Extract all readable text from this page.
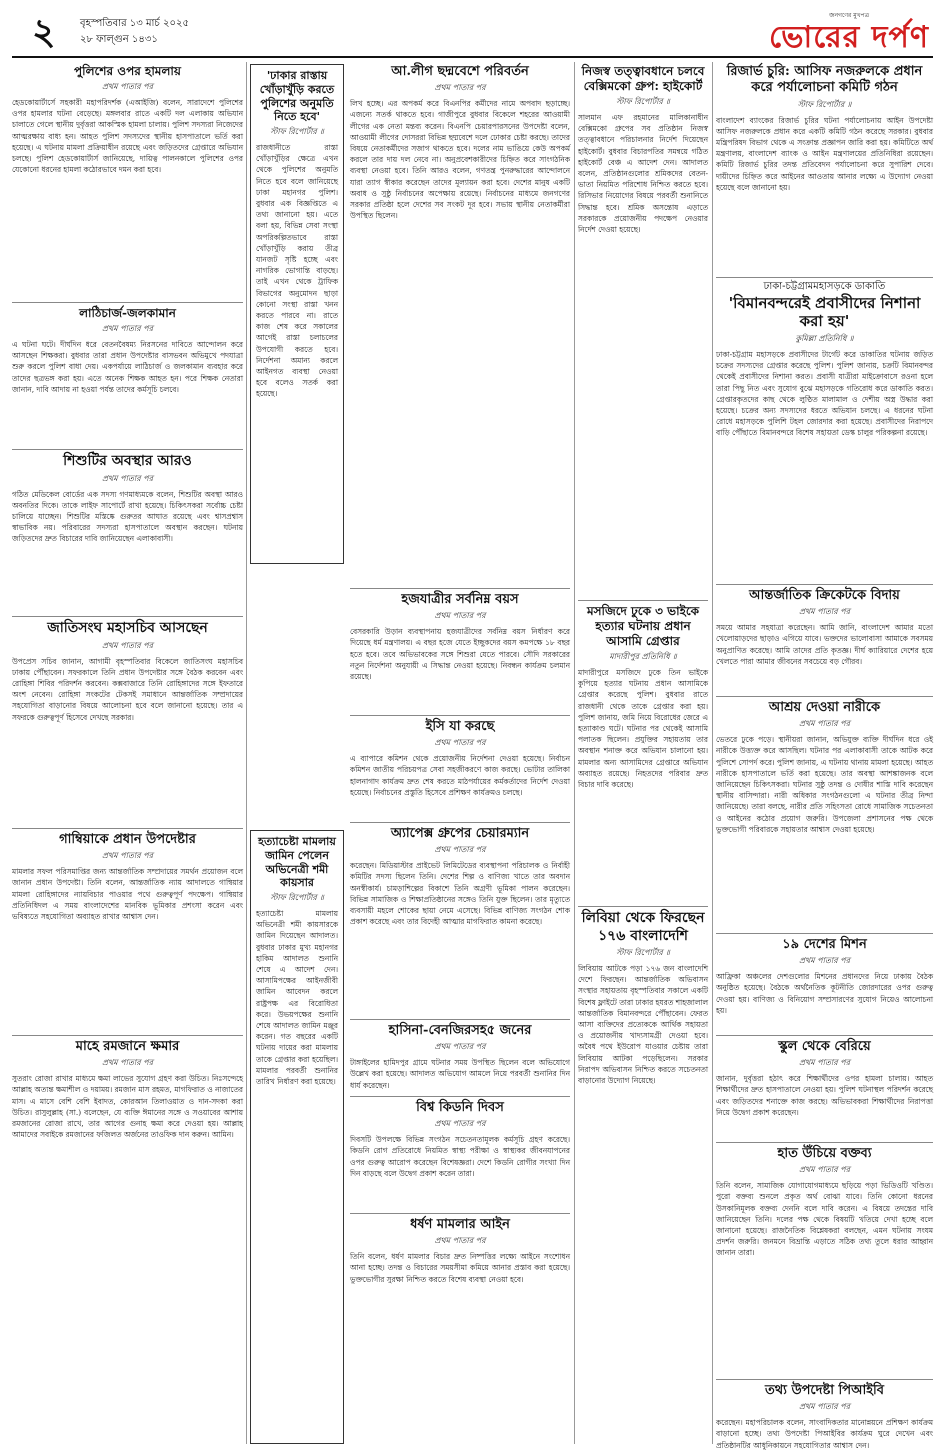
২ বৃহস্পতিবার ১৩ মার্চ ২০২৫
২৮ ফাল্গুন ১৪৩১
জনগণের মুখপত্র
ভোরের দর্পণ
পুলিশের ওপর হামলায়
প্রথম পাতার পর
হেডকোয়ার্টার্সে সহকারী মহাপরিদর্শক (এআইজি) বলেন, সারাদেশে পুলিশের ওপর হামলার ঘটনা বেড়েছে। মঙ্গলবার রাতে একটি দল এলাকায় অভিযান চালাতে গেলে স্থানীয় দুর্বৃত্তরা আকস্মিক হামলা চালায়। পুলিশ সদস্যরা নিজেদের আত্মরক্ষায় বাধ্য হন। আহত পুলিশ সদস্যদের স্থানীয় হাসপাতালে ভর্তি করা হয়েছে। এ ঘটনায় মামলা প্রক্রিয়াধীন রয়েছে এবং জড়িতদের গ্রেপ্তারে অভিযান চলছে। পুলিশ হেডকোয়ার্টার্স জানিয়েছে, দায়িত্ব পালনকালে পুলিশের ওপর যেকোনো ধরনের হামলা কঠোরভাবে দমন করা হবে।
লাঠিচার্জ-জলকামান
প্রথম পাতার পর
এ ঘটনা ঘটে। দীর্ঘদিন ধরে বেতনবৈষম্য নিরসনের দাবিতে আন্দোলন করে আসছেন শিক্ষকরা। বুধবার তারা প্রধান উপদেষ্টার বাসভবন অভিমুখে পদযাত্রা শুরু করলে পুলিশ বাধা দেয়। একপর্যায়ে লাঠিচার্জ ও জলকামান ব্যবহার করে তাদের ছত্রভঙ্গ করা হয়। এতে অনেক শিক্ষক আহত হন। পরে শিক্ষক নেতারা জানান, দাবি আদায় না হওয়া পর্যন্ত তাদের কর্মসূচি চলবে।
শিশুটির অবস্থার আরও
প্রথম পাতার পর
গঠিত মেডিকেল বোর্ডের এক সদস্য গণমাধ্যমকে বলেন, শিশুটির অবস্থা আরও অবনতির দিকে। তাকে লাইফ সাপোর্টে রাখা হয়েছে। চিকিৎসকরা সর্বোচ্চ চেষ্টা চালিয়ে যাচ্ছেন। শিশুটির মস্তিষ্কে গুরুতর আঘাত রয়েছে এবং শ্বাসপ্রশ্বাস স্বাভাবিক নয়। পরিবারের সদস্যরা হাসপাতালে অবস্থান করছেন। ঘটনায় জড়িতদের দ্রুত বিচারের দাবি জানিয়েছেন এলাকাবাসী।
জাতিসংঘ মহাসচিব আসছেন
প্রথম পাতার পর
উপপ্রেস সচিব জানান, আগামী বৃহস্পতিবার বিকেলে জাতিসংঘ মহাসচিব ঢাকায় পৌঁছাবেন। সফরকালে তিনি প্রধান উপদেষ্টার সঙ্গে বৈঠক করবেন এবং রোহিঙ্গা শিবির পরিদর্শন করবেন। কক্সবাজারে তিনি রোহিঙ্গাদের সঙ্গে ইফতারে অংশ নেবেন। রোহিঙ্গা সংকটের টেকসই সমাধানে আন্তর্জাতিক সম্প্রদায়ের সহযোগিতা বাড়ানোর বিষয়ে আলোচনা হবে বলে জানানো হয়েছে। তার এ সফরকে গুরুত্বপূর্ণ হিসেবে দেখছে সরকার।
গাম্বিয়াকে প্রধান উপদেষ্টার
প্রথম পাতার পর
মামলার সফল পরিসমাপ্তির জন্য আন্তর্জাতিক সম্প্রদায়ের সমর্থন প্রয়োজন বলে জানান প্রধান উপদেষ্টা। তিনি বলেন, আন্তর্জাতিক ন্যায় আদালতে গাম্বিয়ার মামলা রোহিঙ্গাদের ন্যায়বিচার পাওয়ার পথে গুরুত্বপূর্ণ পদক্ষেপ। গাম্বিয়ার প্রতিনিধিদল এ সময় বাংলাদেশের মানবিক ভূমিকার প্রশংসা করেন এবং ভবিষ্যতে সহযোগিতা অব্যাহত রাখার আশ্বাস দেন।
মাহে রমজানে ক্ষমার
প্রথম পাতার পর
সুতরাং রোজা রাখার মাধ্যমে ক্ষমা লাভের সুযোগ গ্রহণ করা উচিত। নিঃসন্দেহে আল্লাহ অত্যন্ত ক্ষমাশীল ও দয়াময়। রমজান মাস রহমত, মাগফিরাত ও নাজাতের মাস। এ মাসে বেশি বেশি ইবাদত, কোরআন তিলাওয়াত ও দান-সদকা করা উচিত। রাসুলুল্লাহ (সা.) বলেছেন, যে ব্যক্তি ঈমানের সঙ্গে ও সওয়াবের আশায় রমজানের রোজা রাখে, তার আগের গুনাহ ক্ষমা করে দেওয়া হয়। আল্লাহ আমাদের সবাইকে রমজানের ফজিলত অর্জনের তাওফিক দান করুন। আমিন।
'ঢাকার রাস্তায় খোঁড়াখুঁড়ি করতে পুলিশের অনুমতি নিতে হবে'
স্টাফ রিপোর্টার ॥
রাজধানীতে রাস্তা খোঁড়াখুঁড়ির ক্ষেত্রে এখন থেকে পুলিশের অনুমতি নিতে হবে বলে জানিয়েছে ঢাকা মহানগর পুলিশ। বুধবার এক বিজ্ঞপ্তিতে এ তথ্য জানানো হয়। এতে বলা হয়, বিভিন্ন সেবা সংস্থা অপরিকল্পিতভাবে রাস্তা খোঁড়াখুঁড়ি করায় তীব্র যানজট সৃষ্টি হচ্ছে এবং নাগরিক ভোগান্তি বাড়ছে। তাই এখন থেকে ট্রাফিক বিভাগের অনুমোদন ছাড়া কোনো সংস্থা রাস্তা খনন করতে পারবে না। রাতে কাজ শেষ করে সকালের আগেই রাস্তা চলাচলের উপযোগী করতে হবে। নির্দেশনা অমান্য করলে আইনগত ব্যবস্থা নেওয়া হবে বলেও সতর্ক করা হয়েছে।
হত্যাচেষ্টা মামলায় জামিন পেলেন অভিনেত্রী শমী কায়সার
স্টাফ রিপোর্টার ॥
হত্যাচেষ্টা মামলায় অভিনেত্রী শমী কায়সারকে জামিন দিয়েছেন আদালত। বুধবার ঢাকার মুখ্য মহানগর হাকিম আদালত শুনানি শেষে এ আদেশ দেন। আসামিপক্ষের আইনজীবী জামিন আবেদন করলে রাষ্ট্রপক্ষ এর বিরোধিতা করে। উভয়পক্ষের শুনানি শেষে আদালত জামিন মঞ্জুর করেন। গত বছরের একটি ঘটনায় দায়ের করা মামলায় তাকে গ্রেপ্তার করা হয়েছিল। মামলার পরবর্তী শুনানির তারিখ নির্ধারণ করা হয়েছে।
আ.লীগ ছদ্মবেশে পরিবর্তন
প্রথম পাতার পর
লিখ হচ্ছে। এর অপকর্ম করে বিএনপির কর্মীদের নামে অপবাদ ছড়াচ্ছে। এজন্যে সতর্ক থাকতে হবে। গাজীপুরে বুধবার বিকেলে শহরের আওয়ামী লীগের এক নেতা মন্তব্য করেন। বিএনপি চেয়ারপারসনের উপদেষ্টা বলেন, আওয়ামী লীগের দোসররা বিভিন্ন ছদ্মবেশে দলে ঢোকার চেষ্টা করছে। তাদের বিষয়ে নেতাকর্মীদের সজাগ থাকতে হবে। দলের নাম ভাঙিয়ে কেউ অপকর্ম করলে তার দায় দল নেবে না। অনুপ্রবেশকারীদের চিহ্নিত করে সাংগঠনিক ব্যবস্থা নেওয়া হবে। তিনি আরও বলেন, গণতন্ত্র পুনরুদ্ধারের আন্দোলনে যারা ত্যাগ স্বীকার করেছেন তাদের মূল্যায়ন করা হবে। দেশের মানুষ একটি অবাধ ও সুষ্ঠু নির্বাচনের অপেক্ষায় রয়েছে। নির্বাচনের মাধ্যমে জনগণের সরকার প্রতিষ্ঠা হলে দেশের সব সংকট দূর হবে। সভায় স্থানীয় নেতাকর্মীরা উপস্থিত ছিলেন।
হজযাত্রীর সর্বনিম্ন বয়স
প্রথম পাতার পর
বেসরকারি উড়ান ব্যবস্থাপনায় হজযাত্রীদের সর্বনিম্ন বয়স নির্ধারণ করে দিয়েছে ধর্ম মন্ত্রণালয়। এ বছর হজে যেতে ইচ্ছুকদের বয়স কমপক্ষে ১৮ বছর হতে হবে। তবে অভিভাবকের সঙ্গে শিশুরা যেতে পারবে। সৌদি সরকারের নতুন নির্দেশনা অনুযায়ী এ সিদ্ধান্ত নেওয়া হয়েছে। নিবন্ধন কার্যক্রম চলমান রয়েছে।
ইসি যা করছে
প্রথম পাতার পর
এ ব্যাপারে কমিশন থেকে প্রয়োজনীয় নির্দেশনা দেওয়া হয়েছে। নির্বাচন কমিশন জাতীয় পরিচয়পত্র সেবা সহজীকরণে কাজ করছে। ভোটার তালিকা হালনাগাদ কার্যক্রম দ্রুত শেষ করতে মাঠপর্যায়ের কর্মকর্তাদের নির্দেশ দেওয়া হয়েছে। নির্বাচনের প্রস্তুতি হিসেবে প্রশিক্ষণ কার্যক্রমও চলছে।
অ্যাপেক্স গ্রুপের চেয়ারম্যান
প্রথম পাতার পর
করেছেন। মিডিয়াস্টার প্রাইভেট লিমিটেডের ব্যবস্থাপনা পরিচালক ও নির্বাহী কমিটির সদস্য ছিলেন তিনি। দেশের শিল্প ও বাণিজ্য খাতে তার অবদান অনস্বীকার্য। চামড়াশিল্পের বিকাশে তিনি অগ্রণী ভূমিকা পালন করেছেন। বিভিন্ন সামাজিক ও শিক্ষাপ্রতিষ্ঠানের সঙ্গেও তিনি যুক্ত ছিলেন। তার মৃত্যুতে ব্যবসায়ী মহলে শোকের ছায়া নেমে এসেছে। বিভিন্ন বাণিজ্য সংগঠন শোক প্রকাশ করেছে এবং তার বিদেহী আত্মার মাগফিরাত কামনা করেছে।
হাসিনা-বেনজিরসহ৫ জনের
প্রথম পাতার পর
টাঙ্গাইলের হামিদপুর গ্রামে ঘটনার সময় উপস্থিত ছিলেন বলে অভিযোগে উল্লেখ করা হয়েছে। আদালত অভিযোগ আমলে নিয়ে পরবর্তী শুনানির দিন ধার্য করেছেন।
বিশ্ব কিডনি দিবস
প্রথম পাতার পর
দিবসটি উপলক্ষে বিভিন্ন সংগঠন সচেতনতামূলক কর্মসূচি গ্রহণ করেছে। কিডনি রোগ প্রতিরোধে নিয়মিত স্বাস্থ্য পরীক্ষা ও স্বাস্থ্যকর জীবনযাপনের ওপর গুরুত্ব আরোপ করেছেন বিশেষজ্ঞরা। দেশে কিডনি রোগীর সংখ্যা দিন দিন বাড়ছে বলে উদ্বেগ প্রকাশ করেন তারা।
ধর্ষণ মামলার আইন
প্রথম পাতার পর
তিনি বলেন, ধর্ষণ মামলার বিচার দ্রুত নিষ্পত্তির লক্ষ্যে আইনে সংশোধন আনা হচ্ছে। তদন্ত ও বিচারের সময়সীমা কমিয়ে আনার প্রস্তাব করা হয়েছে। ভুক্তভোগীর সুরক্ষা নিশ্চিত করতে বিশেষ ব্যবস্থা নেওয়া হবে।
নিজস্ব তত্ত্বাবধানে চলবে বেক্সিমকো গ্রুপ: হাইকোর্ট
স্টাফ রিপোর্টার ॥
সালমান এফ রহমানের মালিকানাধীন বেক্সিমকো গ্রুপের সব প্রতিষ্ঠান নিজস্ব তত্ত্বাবধানে পরিচালনার নির্দেশ দিয়েছেন হাইকোর্ট। বুধবার বিচারপতির সমন্বয়ে গঠিত হাইকোর্ট বেঞ্চ এ আদেশ দেন। আদালত বলেন, প্রতিষ্ঠানগুলোর শ্রমিকদের বেতন-ভাতা নিয়মিত পরিশোধ নিশ্চিত করতে হবে। রিসিভার নিয়োগের বিষয়ে পরবর্তী শুনানিতে সিদ্ধান্ত হবে। শ্রমিক অসন্তোষ এড়াতে সরকারকে প্রয়োজনীয় পদক্ষেপ নেওয়ার নির্দেশ দেওয়া হয়েছে।
মসজিদে ঢুকে ৩ ভাইকে হত্যার ঘটনায় প্রধান আসামি গ্রেপ্তার
মাদারীপুর প্রতিনিধি ॥
মাদারীপুরে মসজিদে ঢুকে তিন ভাইকে কুপিয়ে হত্যার ঘটনায় প্রধান আসামিকে গ্রেপ্তার করেছে পুলিশ। বুধবার রাতে রাজধানী থেকে তাকে গ্রেপ্তার করা হয়। পুলিশ জানায়, জমি নিয়ে বিরোধের জেরে এ হত্যাকাণ্ড ঘটে। ঘটনার পর থেকেই আসামি পলাতক ছিলেন। প্রযুক্তির সহায়তায় তার অবস্থান শনাক্ত করে অভিযান চালানো হয়। মামলার অন্য আসামিদের গ্রেপ্তারে অভিযান অব্যাহত রয়েছে। নিহতদের পরিবার দ্রুত বিচার দাবি করেছে।
লিবিয়া থেকে ফিরছেন ১৭৬ বাংলাদেশি
স্টাফ রিপোর্টার ॥
লিবিয়ায় আটকে পড়া ১৭৬ জন বাংলাদেশি দেশে ফিরছেন। আন্তর্জাতিক অভিবাসন সংস্থার সহায়তায় বৃহস্পতিবার সকালে একটি বিশেষ ফ্লাইটে তারা ঢাকার হযরত শাহজালাল আন্তর্জাতিক বিমানবন্দরে পৌঁছাবেন। ফেরত আসা ব্যক্তিদের প্রত্যেককে আর্থিক সহায়তা ও প্রয়োজনীয় খাদ্যসামগ্রী দেওয়া হবে। অবৈধ পথে ইউরোপ যাওয়ার চেষ্টায় তারা লিবিয়ায় আটকা পড়েছিলেন। সরকার নিরাপদ অভিবাসন নিশ্চিত করতে সচেতনতা বাড়ানোর উদ্যোগ নিয়েছে।
রিজার্ভ চুরি: আসিফ নজরুলকে প্রধান করে পর্যালোচনা কমিটি গঠন
স্টাফ রিপোর্টার ॥
বাংলাদেশ ব্যাংকের রিজার্ভ চুরির ঘটনা পর্যালোচনায় আইন উপদেষ্টা আসিফ নজরুলকে প্রধান করে একটি কমিটি গঠন করেছে সরকার। বুধবার মন্ত্রিপরিষদ বিভাগ থেকে এ সংক্রান্ত প্রজ্ঞাপন জারি করা হয়। কমিটিতে অর্থ মন্ত্রণালয়, বাংলাদেশ ব্যাংক ও আইন মন্ত্রণালয়ের প্রতিনিধিরা রয়েছেন। কমিটি রিজার্ভ চুরির তদন্ত প্রতিবেদন পর্যালোচনা করে সুপারিশ দেবে। দায়ীদের চিহ্নিত করে আইনের আওতায় আনার লক্ষ্যে এ উদ্যোগ নেওয়া হয়েছে বলে জানানো হয়।
ঢাকা-চট্টগ্রামমহাসড়কে ডাকাতি
'বিমানবন্দরেই প্রবাসীদের নিশানা করা হয়'
কুমিল্লা প্রতিনিধি ॥
ঢাকা-চট্টগ্রাম মহাসড়কে প্রবাসীদের টার্গেট করে ডাকাতির ঘটনায় জড়িত চক্রের সদস্যদের গ্রেপ্তার করেছে পুলিশ। পুলিশ জানায়, চক্রটি বিমানবন্দর থেকেই প্রবাসীদের নিশানা করত। প্রবাসী যাত্রীরা মাইক্রোবাসে রওনা হলে তারা পিছু নিত এবং সুযোগ বুঝে মহাসড়কে গতিরোধ করে ডাকাতি করত। গ্রেপ্তারকৃতদের কাছ থেকে লুণ্ঠিত মালামাল ও দেশীয় অস্ত্র উদ্ধার করা হয়েছে। চক্রের অন্য সদস্যদের ধরতে অভিযান চলছে। এ ধরনের ঘটনা রোধে মহাসড়কে পুলিশি টহল জোরদার করা হয়েছে। প্রবাসীদের নিরাপদে বাড়ি পৌঁছাতে বিমানবন্দরে বিশেষ সহায়তা ডেস্ক চালুর পরিকল্পনা রয়েছে।
আন্তর্জাতিক ক্রিকেটকে বিদায়
প্রথম পাতার পর
সময়ে আমার সহযাত্রা করেছেন। আমি জানি, বাংলাদেশ আমার মতো খেলোয়াড়দের ছাড়াও এগিয়ে যাবে। ভক্তদের ভালোবাসা আমাকে সবসময় অনুপ্রাণিত করেছে। আমি তাদের প্রতি কৃতজ্ঞ। দীর্ঘ ক্যারিয়ারে দেশের হয়ে খেলতে পারা আমার জীবনের সবচেয়ে বড় গৌরব।
আশ্রয় দেওয়া নারীকে
প্রথম পাতার পর
ভেতরে ঢুকে পড়ে। স্থানীয়রা জানান, অভিযুক্ত ব্যক্তি দীর্ঘদিন ধরে ওই নারীকে উত্ত্যক্ত করে আসছিল। ঘটনার পর এলাকাবাসী তাকে আটক করে পুলিশে সোপর্দ করে। পুলিশ জানায়, এ ঘটনায় থানায় মামলা হয়েছে। আহত নারীকে হাসপাতালে ভর্তি করা হয়েছে। তার অবস্থা আশঙ্কাজনক বলে জানিয়েছেন চিকিৎসকরা। ঘটনার সুষ্ঠু তদন্ত ও দোষীর শাস্তি দাবি করেছেন স্থানীয় বাসিন্দারা। নারী অধিকার সংগঠনগুলো এ ঘটনার তীব্র নিন্দা জানিয়েছে। তারা বলছে, নারীর প্রতি সহিংসতা রোধে সামাজিক সচেতনতা ও আইনের কঠোর প্রয়োগ জরুরি। উপজেলা প্রশাসনের পক্ষ থেকে ভুক্তভোগী পরিবারকে সহায়তার আশ্বাস দেওয়া হয়েছে।
১৯ দেশের মিশন
প্রথম পাতার পর
আফ্রিকা অঞ্চলের দেশগুলোর মিশনের প্রধানদের নিয়ে ঢাকায় বৈঠক অনুষ্ঠিত হয়েছে। বৈঠকে অর্থনৈতিক কূটনীতি জোরদারের ওপর গুরুত্ব দেওয়া হয়। বাণিজ্য ও বিনিয়োগ সম্প্রসারণের সুযোগ নিয়েও আলোচনা হয়।
স্কুল থেকে বেরিয়ে
প্রথম পাতার পর
জানান, দুর্বৃত্তরা হঠাৎ করে শিক্ষার্থীদের ওপর হামলা চালায়। আহত শিক্ষার্থীদের দ্রুত হাসপাতালে নেওয়া হয়। পুলিশ ঘটনাস্থল পরিদর্শন করেছে এবং জড়িতদের শনাক্তে কাজ করছে। অভিভাবকরা শিক্ষার্থীদের নিরাপত্তা নিয়ে উদ্বেগ প্রকাশ করেছেন।
হাত উঁচিয়ে বক্তব্য
প্রথম পাতার পর
তিনি বলেন, সামাজিক যোগাযোগমাধ্যমে ছড়িয়ে পড়া ভিডিওটি খণ্ডিত। পুরো বক্তব্য শুনলে প্রকৃত অর্থ বোঝা যাবে। তিনি কোনো ধরনের উসকানিমূলক বক্তব্য দেননি বলে দাবি করেন। এ বিষয়ে তদন্তের দাবি জানিয়েছেন তিনি। দলের পক্ষ থেকে বিষয়টি খতিয়ে দেখা হচ্ছে বলে জানানো হয়েছে। রাজনৈতিক বিশ্লেষকরা বলছেন, এমন ঘটনায় সংযম প্রদর্শন জরুরি। জনমনে বিভ্রান্তি এড়াতে সঠিক তথ্য তুলে ধরার আহ্বান জানান তারা।
তথ্য উপদেষ্টা পিআইবি
প্রথম পাতার পর
করেছেন। মহাপরিচালক বলেন, সাংবাদিকতার মানোন্নয়নে প্রশিক্ষণ কার্যক্রম বাড়ানো হচ্ছে। তথ্য উপদেষ্টা পিআইবির কার্যক্রম ঘুরে দেখেন এবং প্রতিষ্ঠানটির আধুনিকায়নে সহযোগিতার আশ্বাস দেন।
